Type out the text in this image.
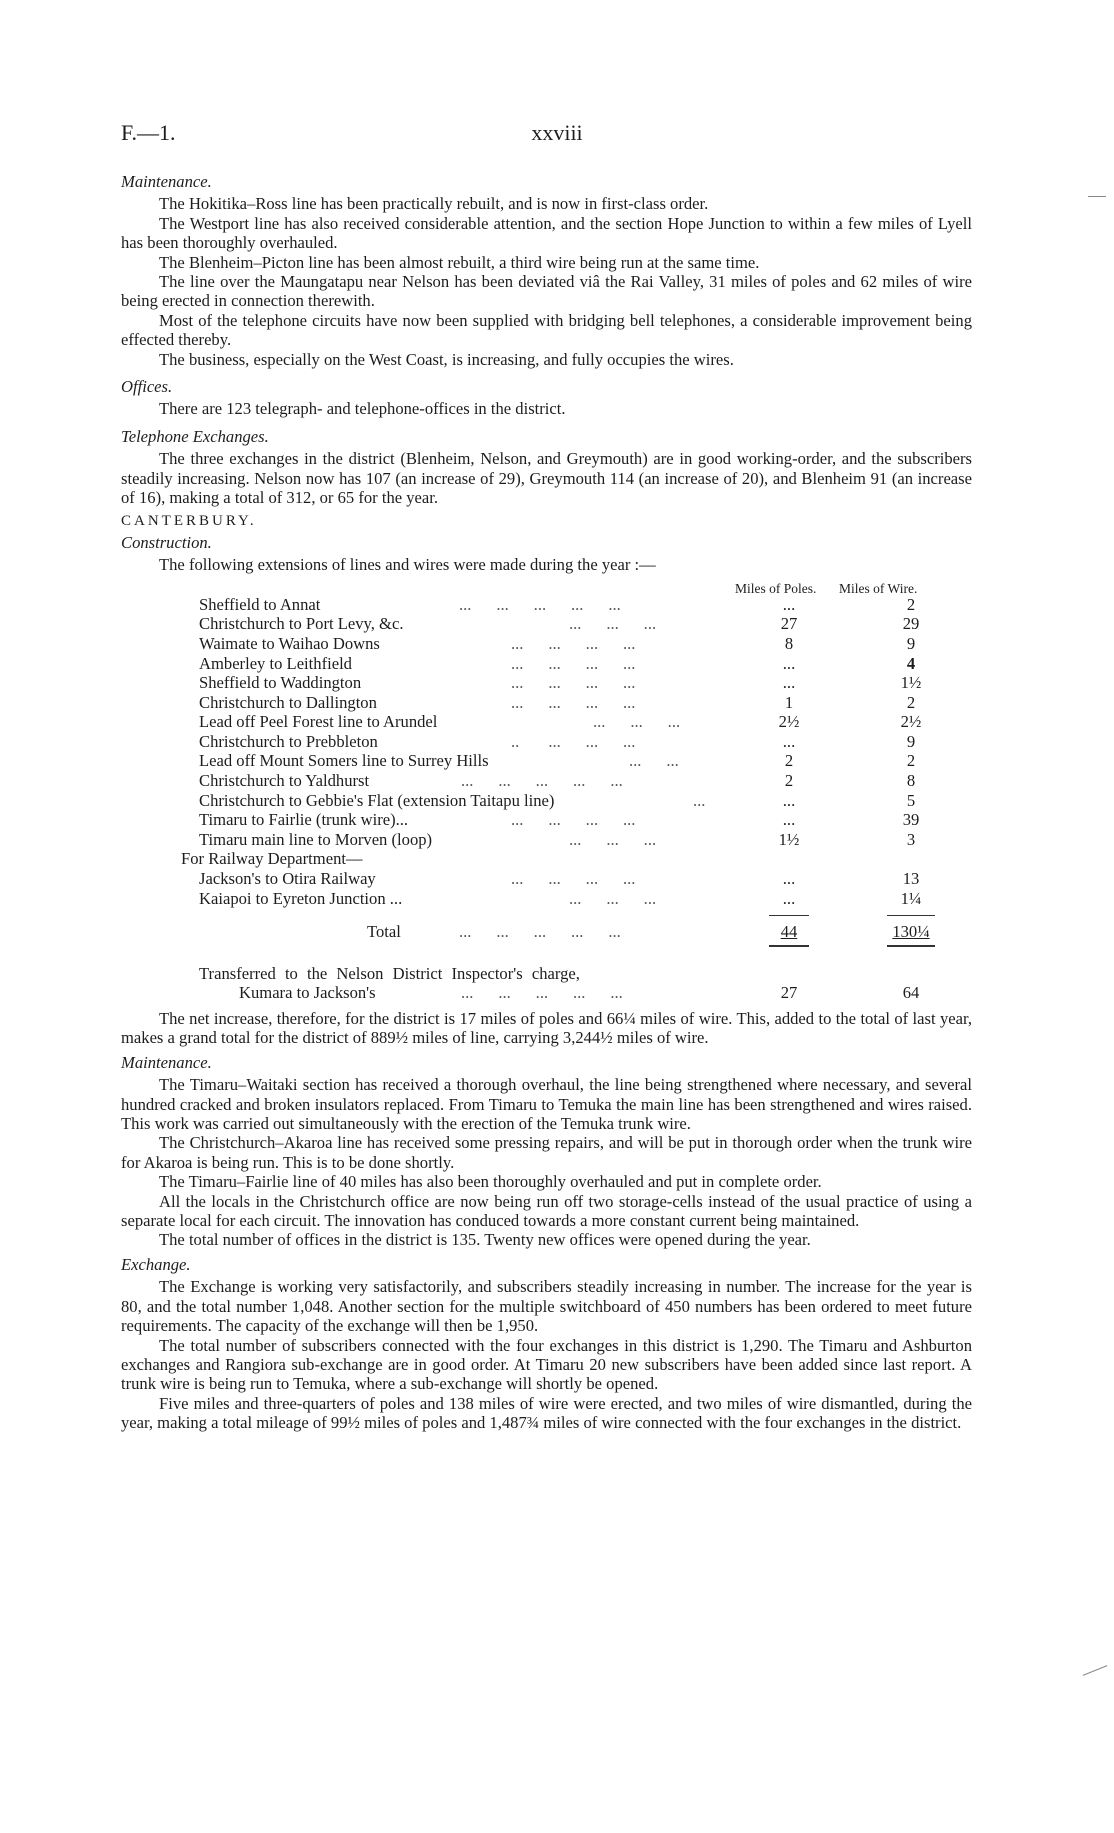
F.—1.	xxviii

Maintenance.

The Hokitika–Ross line has been practically rebuilt, and is now in first-class order.

The Westport line has also received considerable attention, and the section Hope Junction to within a few miles of Lyell has been thoroughly overhauled.

The Blenheim–Picton line has been almost rebuilt, a third wire being run at the same time.

The line over the Maungatapu near Nelson has been deviated viâ the Rai Valley, 31 miles of poles and 62 miles of wire being erected in connection therewith.

Most of the telephone circuits have now been supplied with bridging bell telephones, a considerable improvement being effected thereby.

The business, especially on the West Coast, is increasing, and fully occupies the wires.

Offices.

There are 123 telegraph- and telephone-offices in the district.

Telephone Exchanges.

The three exchanges in the district (Blenheim, Nelson, and Greymouth) are in good working-order, and the subscribers steadily increasing. Nelson now has 107 (an increase of 29), Greymouth 114 (an increase of 20), and Blenheim 91 (an increase of 16), making a total of 312, or 65 for the year.

CANTERBURY.

Construction.

The following extensions of lines and wires were made during the year :—

Miles of Poles. Miles of Wire.
Sheffield to Annat	...      ...      ...      ...      ...	...	2
Christchurch to Port Levy, &c.	...      ...      ...	27	29
Waimate to Waihao Downs	...      ...      ...      ...	8	9
Amberley to Leithfield	...      ...      ...      ...	...	4
Sheffield to Waddington	...      ...      ...      ...	...	1½
Christchurch to Dallington	...      ...      ...      ...	1	2
Lead off Peel Forest line to Arundel	...      ...      ...	2½	2½
Christchurch to Prebbleton	..       ...      ...      ...	...	9
Lead off Mount Somers line to Surrey Hills	...      ...	2	2
Christchurch to Yaldhurst	...      ...      ...      ...      ...	2	8
Christchurch to Gebbie's Flat (extension Taitapu line)	...	...	5
Timaru to Fairlie (trunk wire)...	...      ...      ...      ...	...	39
Timaru main line to Morven (loop)	...      ...      ...	1½	3
For Railway Department—
Jackson's to Otira Railway	...      ...      ...      ...	...	13
Kaiapoi to Eyreton Junction ...	...      ...      ...	...	1¼
Total	...      ...      ...      ...      ...	44	130¼
Transferred to the Nelson District Inspector's charge,
Kumara to Jackson's	...      ...      ...      ...      ...	27	64

The net increase, therefore, for the district is 17 miles of poles and 66¼ miles of wire. This, added to the total of last year, makes a grand total for the district of 889½ miles of line, carrying 3,244½ miles of wire.

Maintenance.

The Timaru–Waitaki section has received a thorough overhaul, the line being strengthened where necessary, and several hundred cracked and broken insulators replaced. From Timaru to Temuka the main line has been strengthened and wires raised. This work was carried out simultaneously with the erection of the Temuka trunk wire.

The Christchurch–Akaroa line has received some pressing repairs, and will be put in thorough order when the trunk wire for Akaroa is being run. This is to be done shortly.

The Timaru–Fairlie line of 40 miles has also been thoroughly overhauled and put in complete order.

All the locals in the Christchurch office are now being run off two storage-cells instead of the usual practice of using a separate local for each circuit. The innovation has conduced towards a more constant current being maintained.

The total number of offices in the district is 135. Twenty new offices were opened during the year.

Exchange.

The Exchange is working very satisfactorily, and subscribers steadily increasing in number. The increase for the year is 80, and the total number 1,048. Another section for the multiple switchboard of 450 numbers has been ordered to meet future requirements. The capacity of the exchange will then be 1,950.

The total number of subscribers connected with the four exchanges in this district is 1,290. The Timaru and Ashburton exchanges and Rangiora sub-exchange are in good order. At Timaru 20 new subscribers have been added since last report. A trunk wire is being run to Temuka, where a sub-exchange will shortly be opened.

Five miles and three-quarters of poles and 138 miles of wire were erected, and two miles of wire dismantled, during the year, making a total mileage of 99½ miles of poles and 1,487¾ miles of wire connected with the four exchanges in the district.
